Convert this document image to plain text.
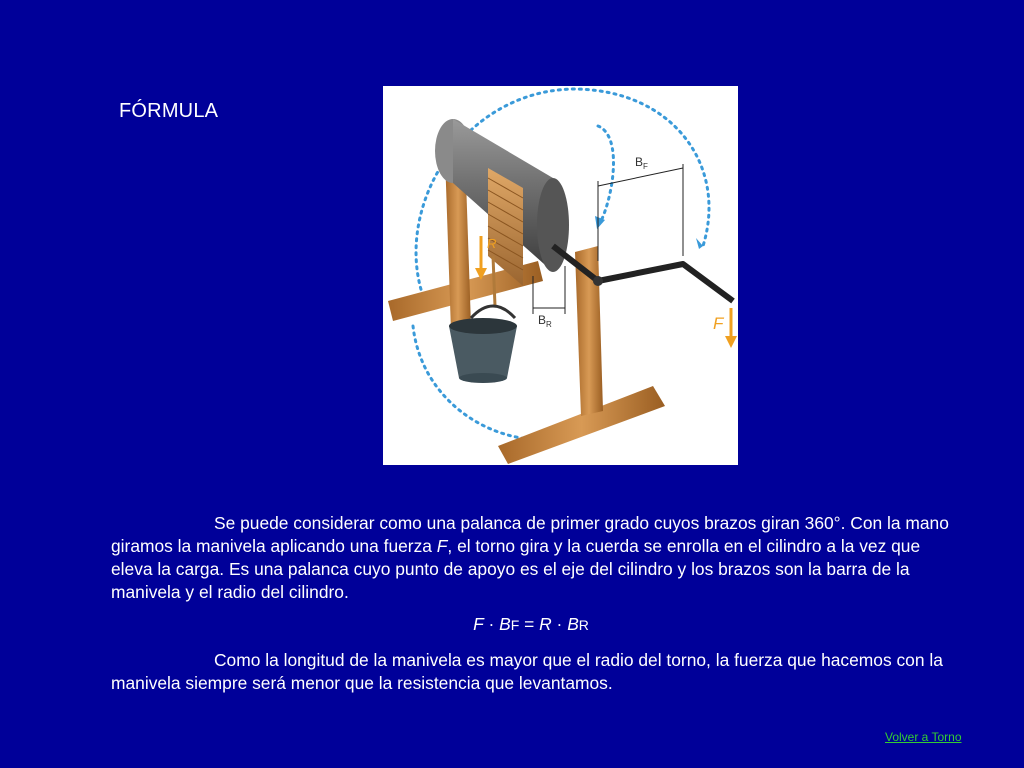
FÓRMULA
$B_F$
$B_R$
R
F

Se puede considerar como una palanca de primer grado cuyos brazos giran 360°. Con la mano giramos la manivela aplicando una fuerza F, el torno gira y la cuerda se enrolla en el cilindro a la vez que eleva la carga. Es una palanca cuyo punto de apoyo es el eje del cilindro y los brazos son la barra de la manivela y el radio del cilindro.

F · BF = R · BR

Como la longitud de la manivela es mayor que el radio del torno, la fuerza que hacemos con la manivela siempre será menor que la resistencia que levantamos.

Volver a Torno
